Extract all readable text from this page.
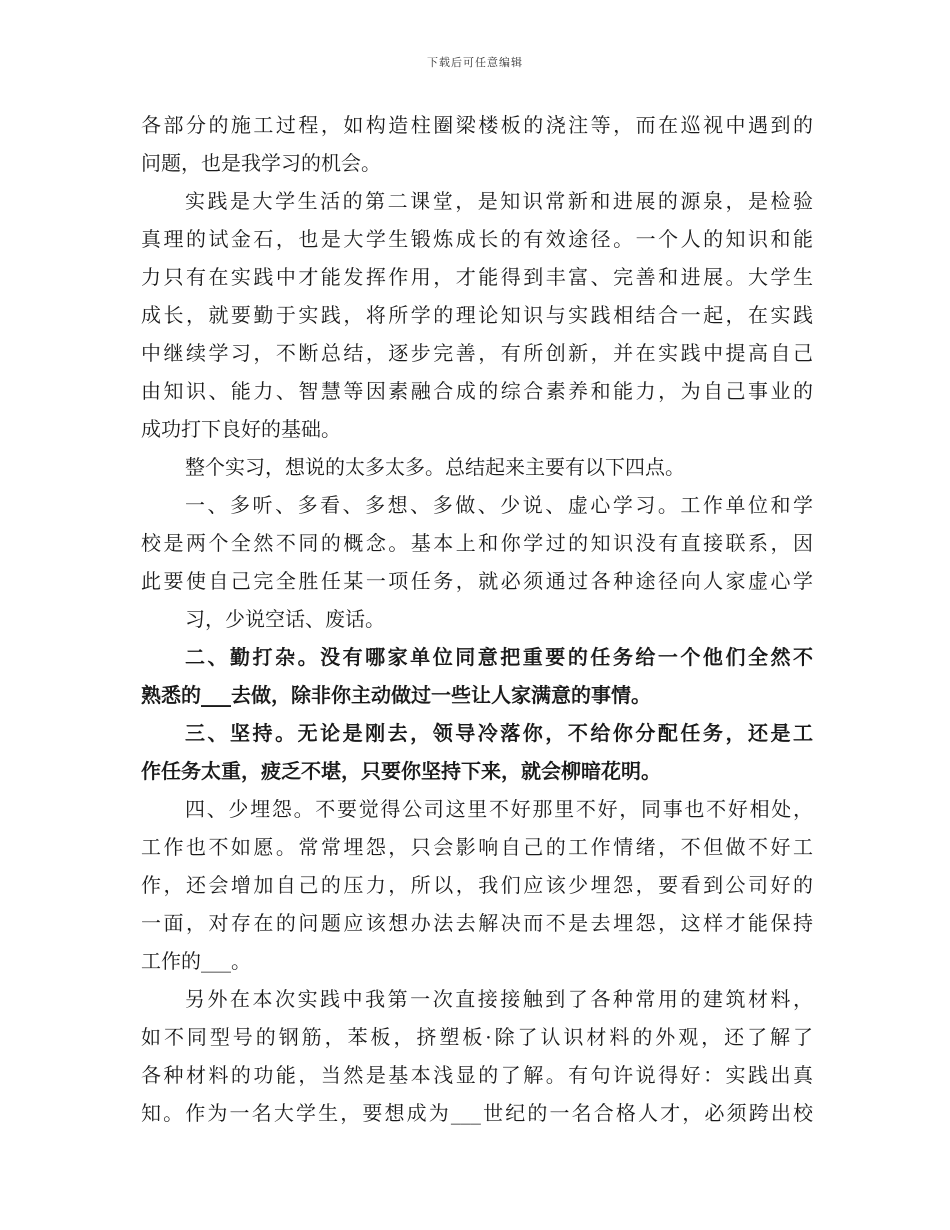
下载后可任意编辑
各部分的施工过程，如构造柱圈梁楼板的浇注等，而在巡视中遇到的
问题，也是我学习的机会。
实践是大学生活的第二课堂，是知识常新和进展的源泉，是检验
真理的试金石，也是大学生锻炼成长的有效途径。一个人的知识和能
力只有在实践中才能发挥作用，才能得到丰富、完善和进展。大学生
成长，就要勤于实践，将所学的理论知识与实践相结合一起，在实践
中继续学习，不断总结，逐步完善，有所创新，并在实践中提高自己
由知识、能力、智慧等因素融合成的综合素养和能力，为自己事业的
成功打下良好的基础。
整个实习，想说的太多太多。总结起来主要有以下四点。
一、多听、多看、多想、多做、少说、虚心学习。工作单位和学
校是两个全然不同的概念。基本上和你学过的知识没有直接联系，因
此要使自己完全胜任某一项任务，就必须通过各种途径向人家虚心学
习，少说空话、废话。
二、勤打杂。没有哪家单位同意把重要的任务给一个他们全然不
熟悉的___去做，除非你主动做过一些让人家满意的事情。
三、坚持。无论是刚去，领导冷落你，不给你分配任务，还是工
作任务太重，疲乏不堪，只要你坚持下来，就会柳暗花明。
四、少埋怨。不要觉得公司这里不好那里不好，同事也不好相处，
工作也不如愿。常常埋怨，只会影响自己的工作情绪，不但做不好工
作，还会增加自己的压力，所以，我们应该少埋怨，要看到公司好的
一面，对存在的问题应该想办法去解决而不是去埋怨，这样才能保持
工作的___。
另外在本次实践中我第一次直接接触到了各种常用的建筑材料，
如不同型号的钢筋，苯板，挤塑板·除了认识材料的外观，还了解了
各种材料的功能，当然是基本浅显的了解。有句许说得好：实践出真
知。作为一名大学生，要想成为___世纪的一名合格人才，必须跨出校
